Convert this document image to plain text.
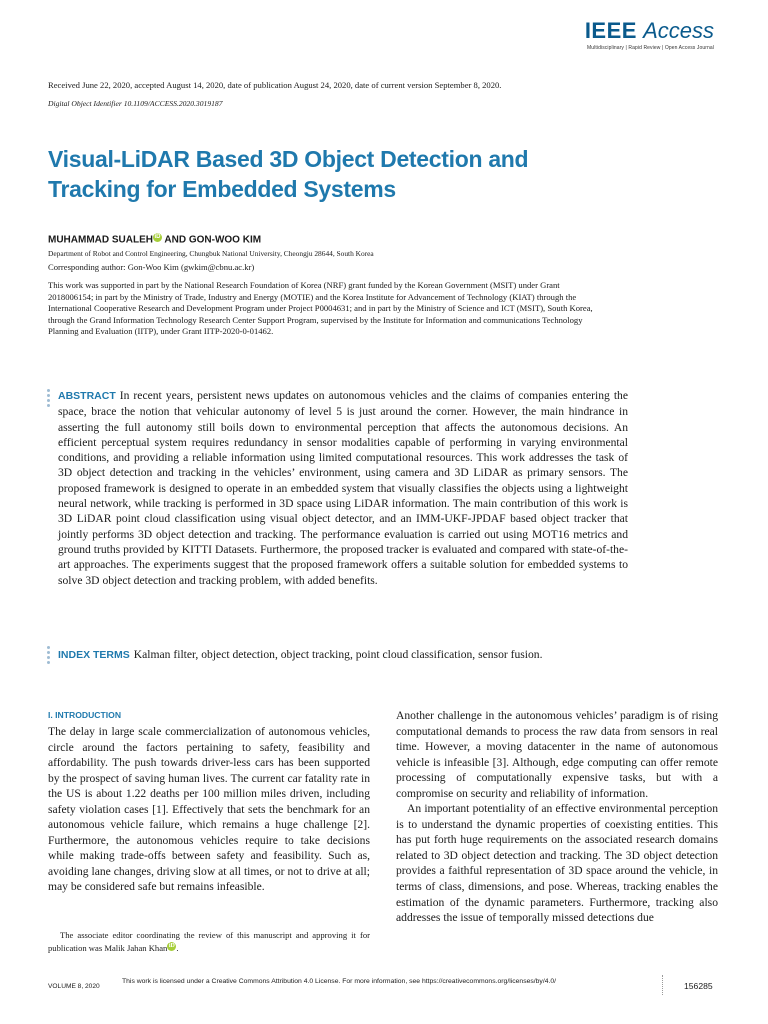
IEEE Access
Multidisciplinary | Rapid Review | Open Access Journal
Received June 22, 2020, accepted August 14, 2020, date of publication August 24, 2020, date of current version September 8, 2020.
Digital Object Identifier 10.1109/ACCESS.2020.3019187
Visual-LiDAR Based 3D Object Detection and
Tracking for Embedded Systems
MUHAMMAD SUALEH iD AND GON-WOO KIM
Department of Robot and Control Engineering, Chungbuk National University, Cheongju 28644, South Korea
Corresponding author: Gon-Woo Kim (gwkim@cbnu.ac.kr)
This work was supported in part by the National Research Foundation of Korea (NRF) grant funded by the Korean Government (MSIT) under Grant 2018006154; in part by the Ministry of Trade, Industry and Energy (MOTIE) and the Korea Institute for Advancement of Technology (KIAT) through the International Cooperative Research and Development Program under Project P0004631; and in part by the Ministry of Science and ICT (MSIT), South Korea, through the Grand Information Technology Research Center Support Program, supervised by the Institute for Information and communications Technology Planning and Evaluation (IITP), under Grant IITP-2020-0-01462.
ABSTRACT In recent years, persistent news updates on autonomous vehicles and the claims of companies entering the space, brace the notion that vehicular autonomy of level 5 is just around the corner. However, the main hindrance in asserting the full autonomy still boils down to environmental perception that affects the autonomous decisions. An efficient perceptual system requires redundancy in sensor modalities capable of performing in varying environmental conditions, and providing a reliable information using limited computational resources. This work addresses the task of 3D object detection and tracking in the vehicles’ environment, using camera and 3D LiDAR as primary sensors. The proposed framework is designed to operate in an embedded system that visually classifies the objects using a lightweight neural network, while tracking is performed in 3D space using LiDAR information. The main contribution of this work is 3D LiDAR point cloud classification using visual object detector, and an IMM-UKF-JPDAF based object tracker that jointly performs 3D object detection and tracking. The performance evaluation is carried out using MOT16 metrics and ground truths provided by KITTI Datasets. Furthermore, the proposed tracker is evaluated and compared with state-of-the-art approaches. The experiments suggest that the proposed framework offers a suitable solution for embedded systems to solve 3D object detection and tracking problem, with added benefits.
INDEX TERMS Kalman filter, object detection, object tracking, point cloud classification, sensor fusion.
I. INTRODUCTION
The delay in large scale commercialization of autonomous vehicles, circle around the factors pertaining to safety, feasibility and affordability. The push towards driver-less cars has been supported by the prospect of saving human lives. The current car fatality rate in the US is about 1.22 deaths per 100 million miles driven, including safety violation cases [1]. Effectively that sets the benchmark for an autonomous vehicle failure, which remains a huge challenge [2]. Furthermore, the autonomous vehicles require to take decisions while making trade-offs between safety and feasibility. Such as, avoiding lane changes, driving slow at all times, or not to drive at all; may be considered safe but remains infeasible.
Another challenge in the autonomous vehicles’ paradigm is of rising computational demands to process the raw data from sensors in real time. However, a moving datacenter in the name of autonomous vehicle is infeasible [3]. Although, edge computing can offer remote processing of computationally expensive tasks, but with a compromise on security and reliability of information.
An important potentiality of an effective environmental perception is to understand the dynamic properties of coexisting entities. This has put forth huge requirements on the associated research domains related to 3D object detection and tracking. The 3D object detection provides a faithful representation of 3D space around the vehicle, in terms of class, dimensions, and pose. Whereas, tracking enables the estimation of the dynamic parameters. Furthermore, tracking also addresses the issue of temporally missed detections due
The associate editor coordinating the review of this manuscript and approving it for publication was Malik Jahan Khan iD .
VOLUME 8, 2020
This work is licensed under a Creative Commons Attribution 4.0 License. For more information, see https://creativecommons.org/licenses/by/4.0/	156285
